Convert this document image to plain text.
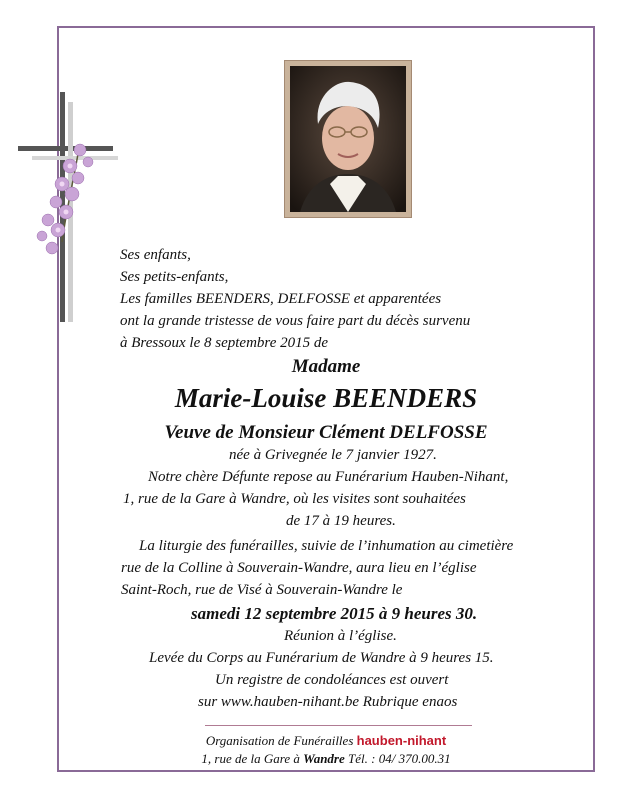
Ses enfants,
Ses petits-enfants,
Les familles BEENDERS, DELFOSSE et apparentées
ont la grande tristesse de vous faire part du décès survenu
à Bressoux le 8 septembre 2015 de
Madame
Marie-Louise BEENDERS
Veuve de Monsieur Clément DELFOSSE
née à Grivegnée le 7 janvier 1927.
Notre chère Défunte repose au Funérarium Hauben-Nihant,
1, rue de la Gare à Wandre, où les visites sont souhaitées
de 17 à 19 heures.
La liturgie des funérailles, suivie de l’inhumation au cimetière
rue de la Colline à Souverain-Wandre, aura lieu en l’église
Saint-Roch, rue de Visé à Souverain-Wandre le
samedi 12 septembre 2015 à 9 heures 30.
Réunion à l’église.
Levée du Corps au Funérarium de Wandre à 9 heures 15.
Un registre de condoléances est ouvert
sur www.hauben-nihant.be Rubrique enaos
Organisation de Funérailles hauben-nihant
1, rue de la Gare à Wandre Tél. : 04/ 370.00.31
